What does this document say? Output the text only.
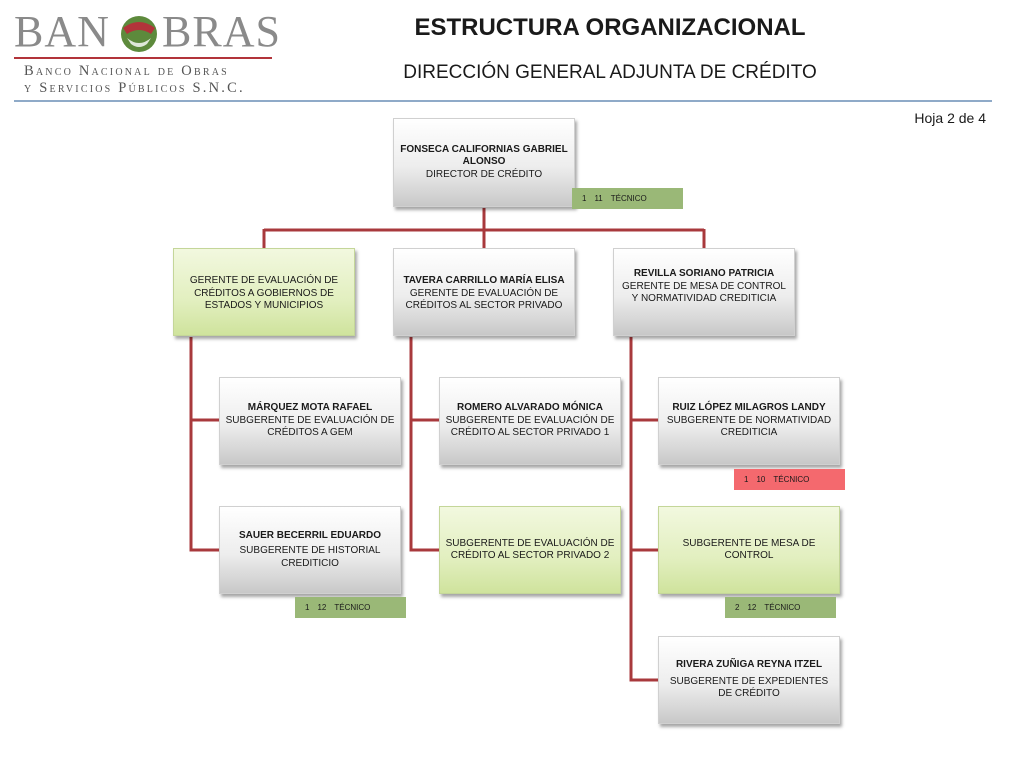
BAN BRAS
Banco Nacional de Obras
y Servicios Públicos S.N.C.
ESTRUCTURA ORGANIZACIONAL
DIRECCIÓN GENERAL ADJUNTA DE CRÉDITO
Hoja 2 de 4
FONSECA CALIFORNIAS GABRIEL ALONSO
DIRECTOR DE CRÉDITO
1 11 TÉCNICO
GERENTE DE EVALUACIÓN DE CRÉDITOS A GOBIERNOS DE ESTADOS Y MUNICIPIOS
TAVERA CARRILLO MARÍA ELISA
GERENTE DE EVALUACIÓN DE CRÉDITOS AL SECTOR PRIVADO
REVILLA SORIANO PATRICIA
GERENTE DE MESA DE CONTROL Y NORMATIVIDAD CREDITICIA
MÁRQUEZ MOTA RAFAEL
SUBGERENTE DE EVALUACIÓN DE CRÉDITOS A GEM
SAUER BECERRIL EDUARDO
SUBGERENTE DE HISTORIAL CREDITICIO
1 12 TÉCNICO
ROMERO ALVARADO MÓNICA
SUBGERENTE DE EVALUACIÓN DE CRÉDITO AL SECTOR PRIVADO 1
SUBGERENTE DE EVALUACIÓN DE CRÉDITO AL SECTOR PRIVADO 2
RUIZ LÓPEZ MILAGROS LANDY
SUBGERENTE DE NORMATIVIDAD CREDITICIA
1 10 TÉCNICO
SUBGERENTE DE MESA DE CONTROL
2 12 TÉCNICO
RIVERA ZUÑIGA REYNA ITZEL
SUBGERENTE DE EXPEDIENTES DE CRÉDITO
